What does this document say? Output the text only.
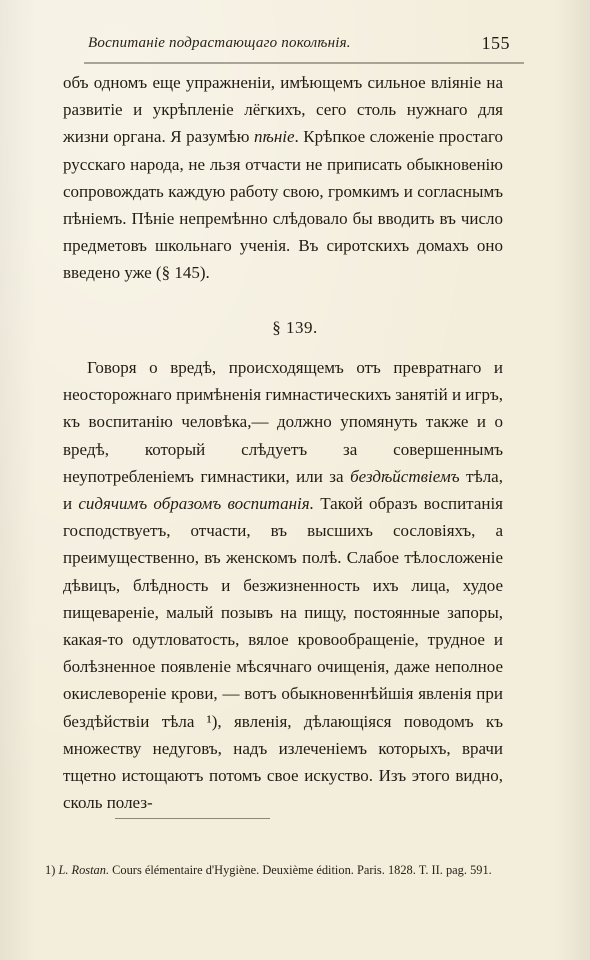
Воспитаніе подрастающаго поколѣнія.	155
объ одномъ еще упражненіи, имѣющемъ сильное вліяніе на развитіе и укрѣпленіе лёгкихъ, сего столь нужнаго для жизни органа. Я разумѣю пѣніе. Крѣпкое сложеніе простаго русскаго народа, не льзя отчасти не приписать обыкновенію сопровождать каждую работу свою, громкимъ и согласнымъ пѣніемъ. Пѣніе непремѣнно слѣдовало бы вводить въ число предметовъ школьнаго ученія. Въ сиротскихъ домахъ оно введено уже (§ 145).
§ 139.
Говоря о вредѣ, происходящемъ отъ превратнаго и неосторожнаго примѣненія гимнастическихъ занятій и игръ, къ воспитанію человѣка,— должно упомянуть также и о вредѣ, который слѣдуетъ за совершеннымъ неупотребленіемъ гимнастики, или за бездѣйствіемъ тѣла, и сидячимъ образомъ воспитанія. Такой образъ воспитанія господствуетъ, отчасти, въ высшихъ сословіяхъ, а преимущественно, въ женскомъ полѣ. Слабое тѣлосложеніе дѣвицъ, блѣдность и безжизненность ихъ лица, худое пищевареніе, малый позывъ на пищу, постоянные запоры, какая-то одутловатость, вялое кровообращеніе, трудное и болѣзненное появленіе мѣсячнаго очищенія, даже неполное окислевореніе крови, — вотъ обыкновеннѣйшія явленія при бездѣйствіи тѣла ¹), явленія, дѣлающіяся поводомъ къ множеству недуговъ, надъ излеченіемъ которыхъ, врачи тщетно истощаютъ потомъ свое искуство. Изъ этого видно, сколь полез-
1) L. Rostan. Cours élémentaire d'Hygiène. Deuxième édition. Paris. 1828. T. II. pag. 591.
